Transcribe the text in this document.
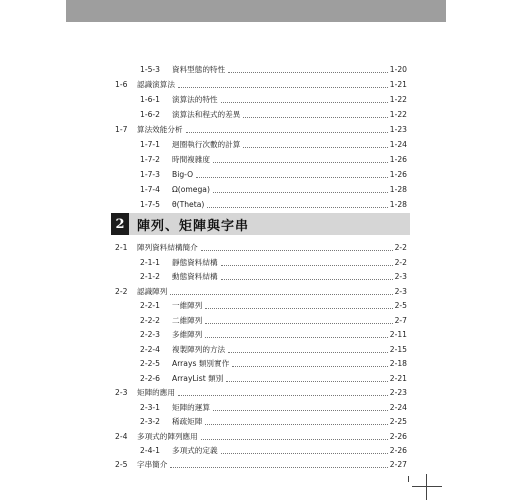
1-5-3	資料型態的特性	1-20
1-6	認識演算法	1-21
1-6-1	演算法的特性	1-22
1-6-2	演算法和程式的差異	1-22
1-7	算法效能分析	1-23
1-7-1	迴圈執行次數的計算	1-24
1-7-2	時間複雜度	1-26
1-7-3	Big-O	1-26
1-7-4	Ω(omega)	1-28
1-7-5	θ(Theta)	1-28
2 陣列、矩陣與字串
2-1	陣列資料結構簡介	2-2
2-1-1	靜態資料結構	2-2
2-1-2	動態資料結構	2-3
2-2	認識陣列	2-3
2-2-1	一維陣列	2-5
2-2-2	二維陣列	2-7
2-2-3	多維陣列	2-11
2-2-4	複製陣列的方法	2-15
2-2-5	Arrays 類別實作	2-18
2-2-6	ArrayList 類別	2-21
2-3	矩陣的應用	2-23
2-3-1	矩陣的運算	2-24
2-3-2	稀疏矩陣	2-25
2-4	多項式的陣列應用	2-26
2-4-1	多項式的定義	2-26
2-5	字串簡介	2-27
